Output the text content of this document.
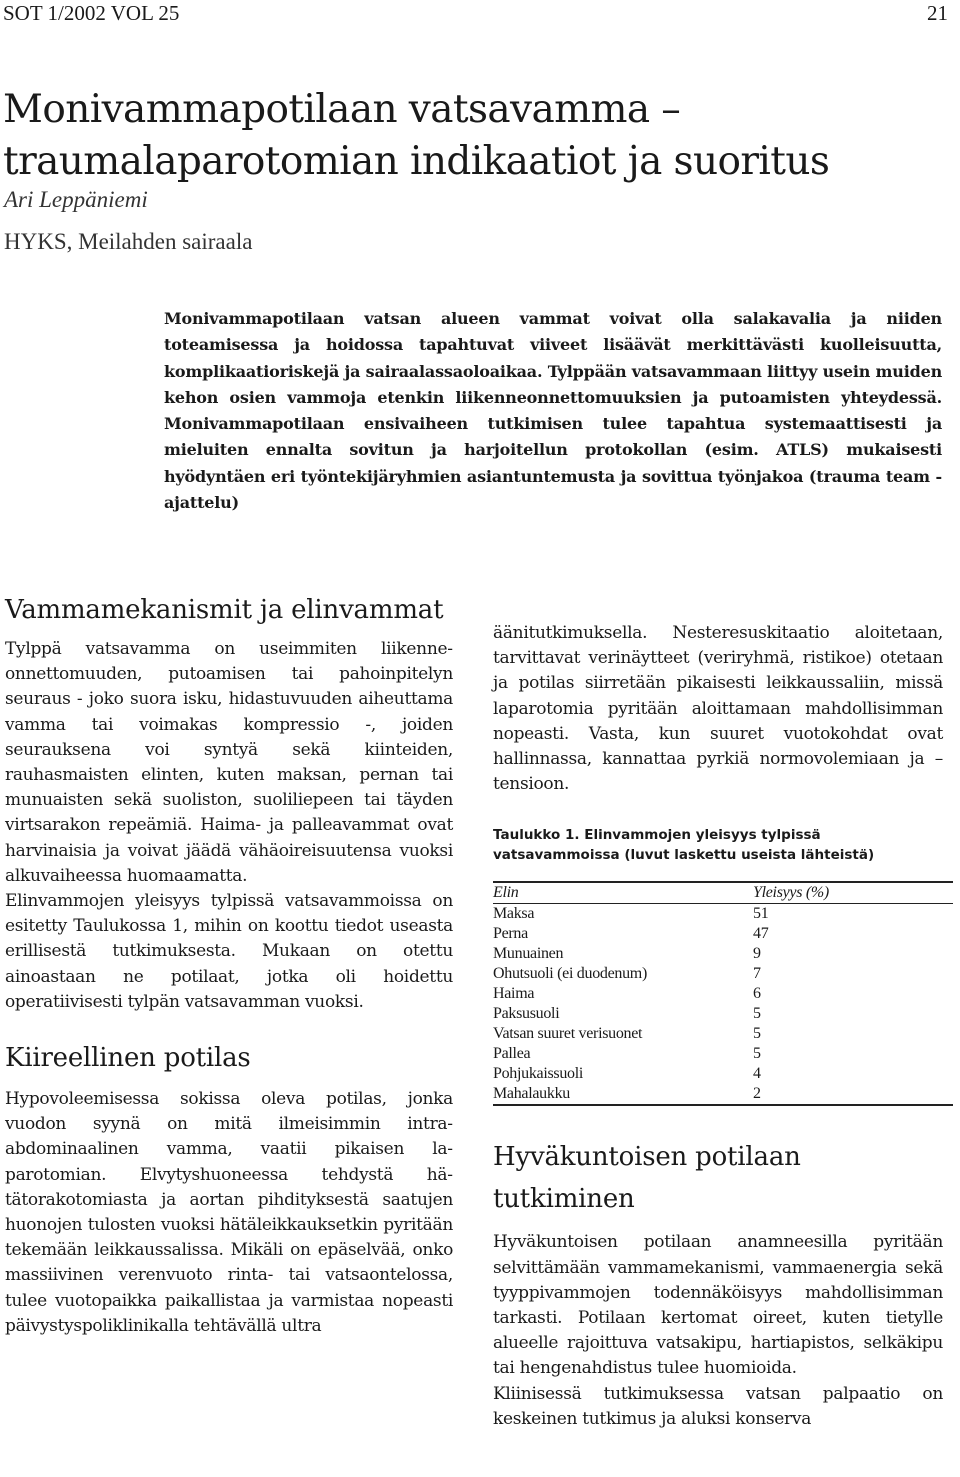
SOT 1/2002 VOL 25	21
Monivammapotilaan vatsavamma – traumalaparotomian indikaatiot ja suoritus
Ari Leppäniemi
HYKS, Meilahden sairaala

Monivammapotilaan vatsan alueen vammat voivat olla salakavalia ja niiden toteamisessa ja hoidossa tapahtuvat viiveet lisäävät merkittävästi kuolleisuutta, komplikaatioriskejä ja sairaalassaoloaikaa. Tylppään vatsavammaan liittyy usein muiden kehon osien vammoja etenkin liikenneonnettomuuksien ja putoamisten yhteydessä. Monivammapotilaan ensivaiheen tutkimisen tulee tapahtua systemaattisesti ja mieluiten ennalta sovitun ja harjoitellun protokollan (esim. ATLS) mukaisesti hyödyntäen eri työntekijäryhmien asiantuntemusta ja sovittua työnjakoa (trauma team - ajattelu)

Vammamekanismit ja elinvammat

Tylppä vatsavamma on useimmiten liikenneonnettomuuden, putoamisen tai pahoinpitelyn seuraus - joko suora isku, hidastuvuuden aiheuttama vamma tai voimakas kompressio -, joiden seurauksena voi syntyä sekä kiinteiden, rauhasmaisten elinten, kuten maksan, pernan tai munuaisten sekä suoliston, suoliliepeen tai täyden virtsarakon repeämiä. Haima- ja palleavammat ovat harvinaisia ja voivat jäädä vähäoireisuutensa vuoksi alkuvaiheessa huomaamatta.

Elinvammojen yleisyys tylpissä vatsavammoissa on esitetty Taulukossa 1, mihin on koottu tiedot useasta erillisestä tutkimuksesta. Mukaan on otettu ainoastaan ne potilaat, jotka oli hoidettu operatiivisesti tylpän vatsavamman vuoksi.

Kiireellinen potilas

Hypovoleemisessa sokissa oleva potilas, jonka vuodon syynä on mitä ilmeisimmin intraabdominaalinen vamma, vaatii pikaisen laparotomian. Elvytyshuoneessa tehdystä hätätorakotomiasta ja aortan pihdityksestä saatujen huonojen tulosten vuoksi hätäleikkauksetkin pyritään tekemään leikkaussalissa. Mikäli on epäselvää, onko massiivinen verenvuoto rinta- tai vatsaontelossa, tulee vuotopaikka paikallistaa ja varmistaa nopeasti päivystyspoliklinikalla tehtävällä ultra

äänitutkimuksella. Nesteresuskitaatio aloitetaan, tarvittavat verinäytteet (veriryhmä, ristikoe) otetaan ja potilas siirretään pikaisesti leikkaussaliin, missä laparotomia pyritään aloittamaan mahdollisimman nopeasti. Vasta, kun suuret vuotokohdat ovat hallinnassa, kannattaa pyrkiä normovolemiaan ja –tensioon.

Taulukko 1. Elinvammojen yleisyys tylpissä vatsavammoissa (luvut laskettu useista lähteistä)

Elin	Yleisyys (%)
Maksa	51
Perna	47
Munuainen	9
Ohutsuoli (ei duodenum)	7
Haima	6
Paksusuoli	5
Vatsan suuret verisuonet	5
Pallea	5
Pohjukaissuoli	4
Mahalaukku	2
Hyväkuntoisen potilaan tutkiminen

Hyväkuntoisen potilaan anamneesilla pyritään selvittämään vammamekanismi, vammaenergia sekä tyyppivammojen todennäköisyys mahdollisimman tarkasti. Potilaan kertomat oireet, kuten tietylle alueelle rajoittuva vatsakipu, hartiapistos, selkäkipu tai hengenahdistus tulee huomioida.

Kliinisessä tutkimuksessa vatsan palpaatio on keskeinen tutkimus ja aluksi konserva
